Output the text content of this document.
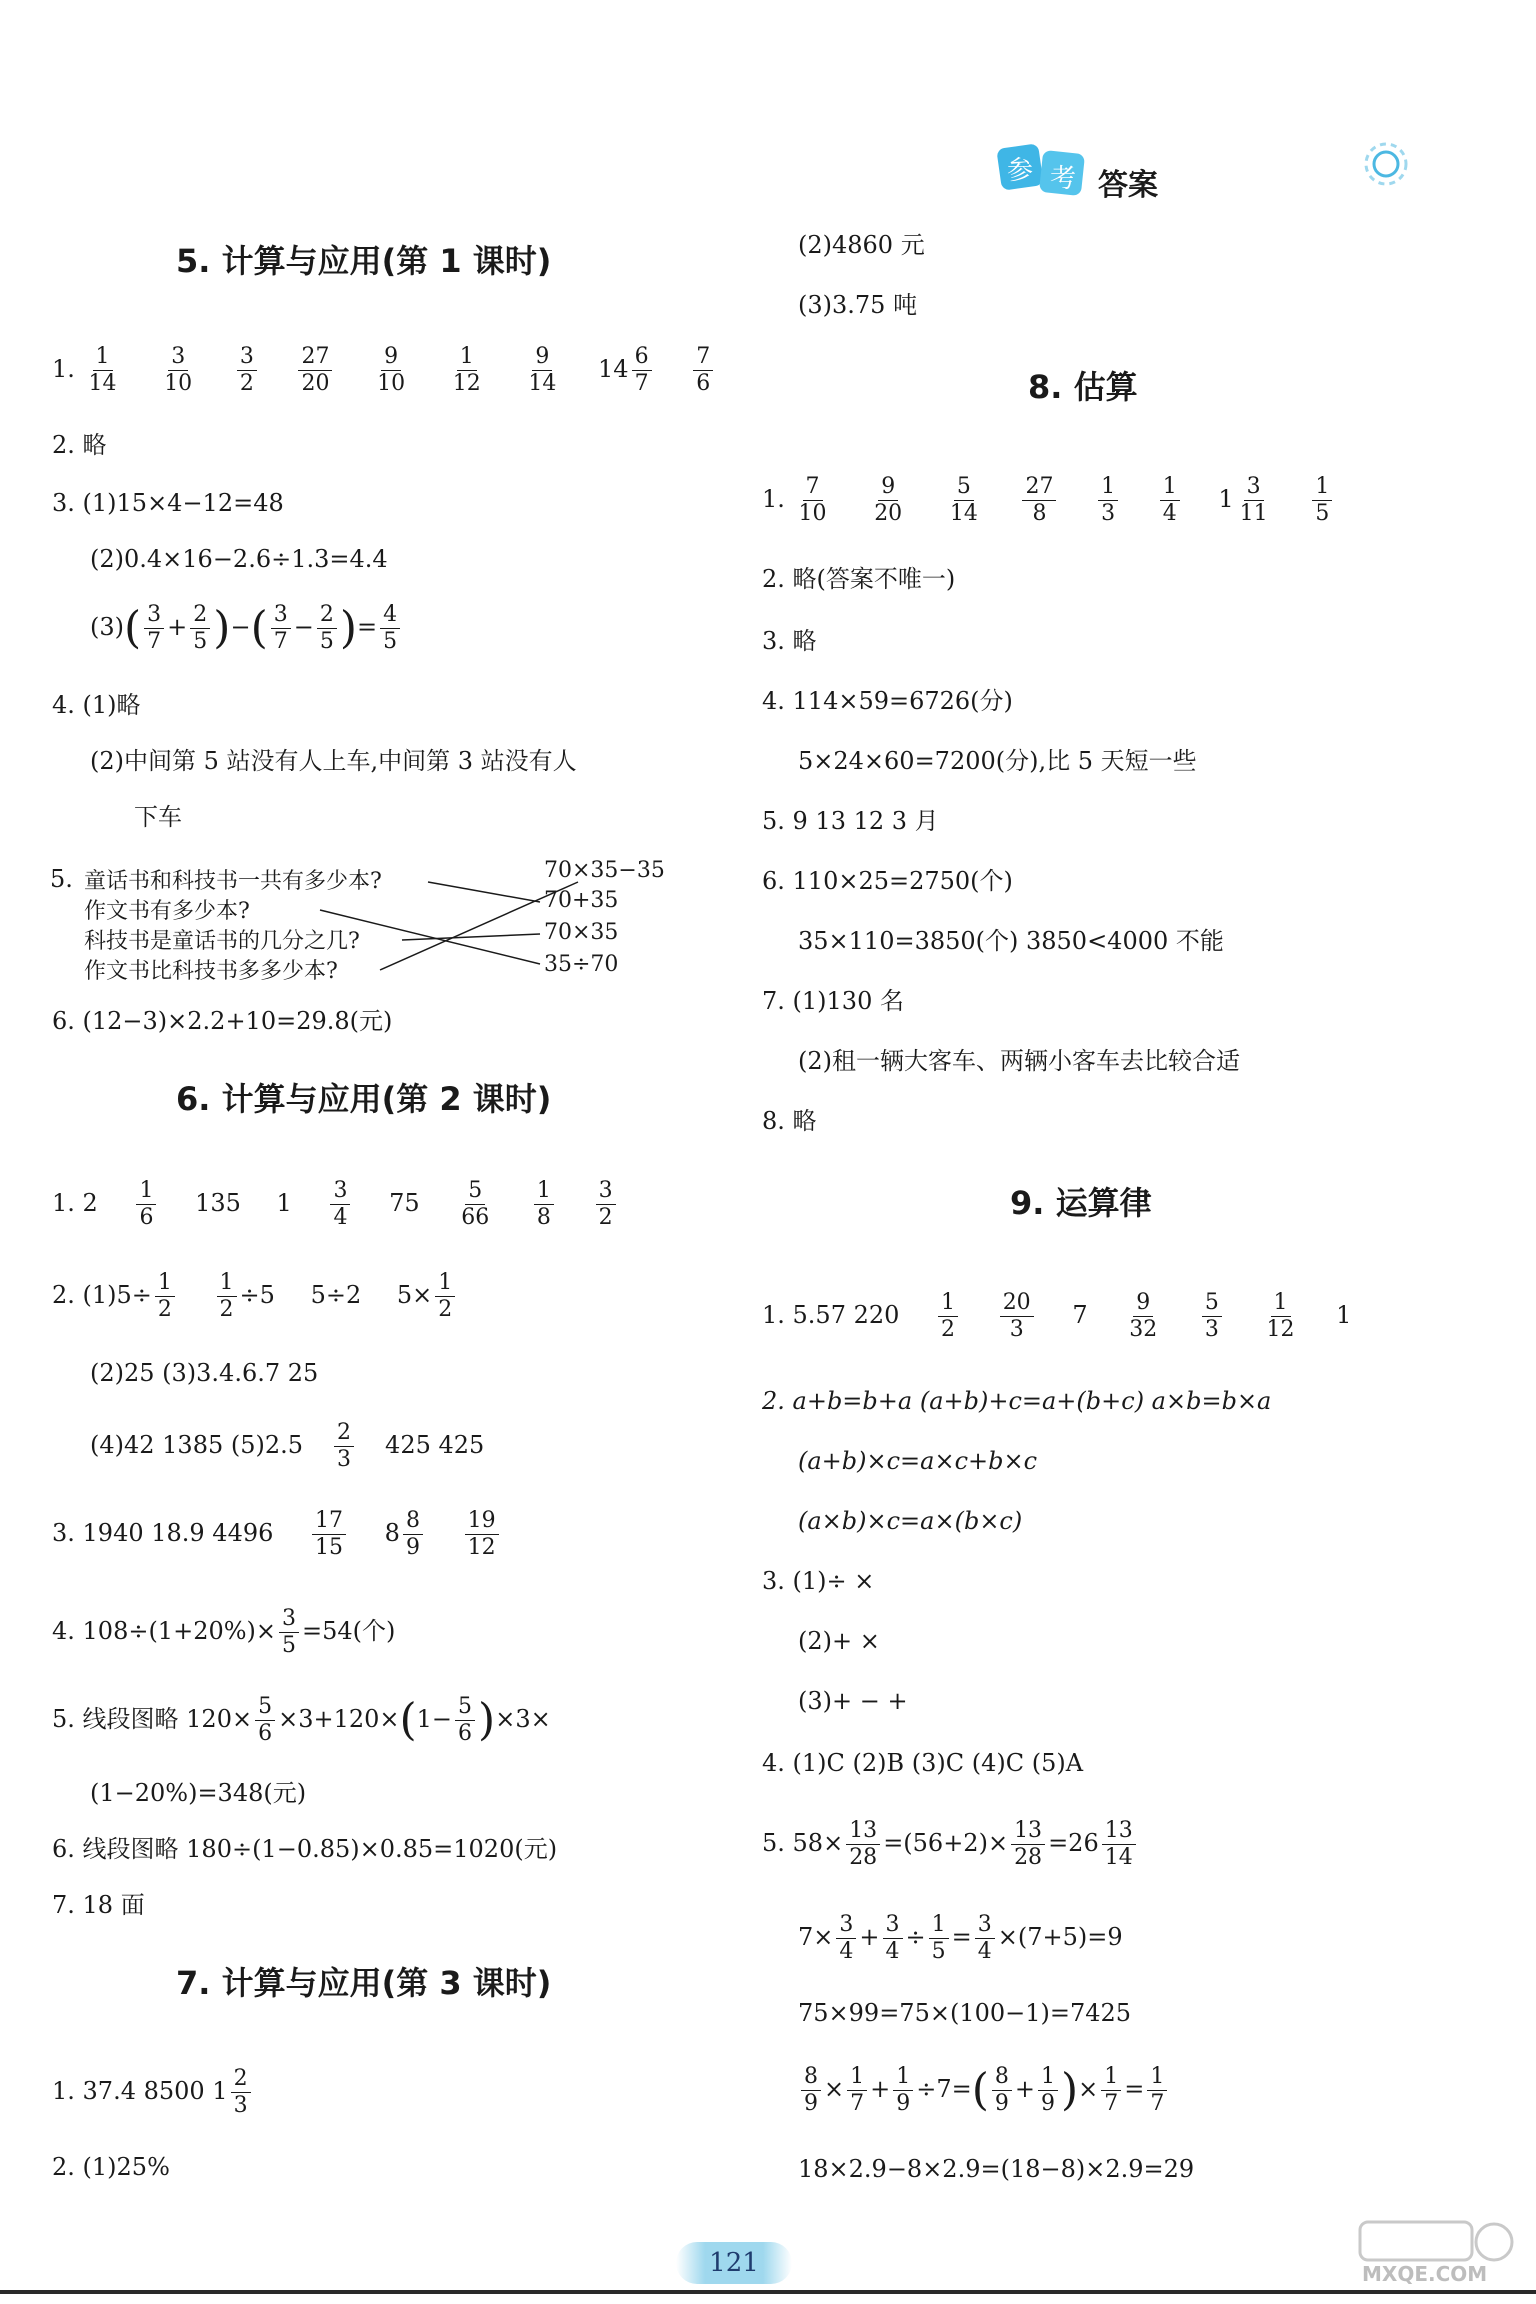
参 考 答案
5. 计算与应用(第 1 课时)
1. $\frac{1}{14}$
$\frac{3}{10}$
$\frac{3}{2}$
$\frac{27}{20}$
$\frac{9}{10}$
$\frac{1}{12}$
$\frac{9}{14} 14 \frac{6}{7}$
$\frac{7}{6}$
2. 略
3. (1)15×4−12=48
(2)0.4×16−2.6÷1.3=4.4
$(3)( \frac{3}{7} + \frac{2}{5}$ )−( $\frac{3}{7} - \frac{2}{5}$ )= $\frac{4}{5}$
4. (1)略
(2)中间第 5 站没有人上车,中间第 3 站没有人
下车
5. 童话书和科技书一共有多少本?
作文书有多少本?
科技书是童话书的几分之几?
作文书比科技书多多少本?
70×35−35
70+35
70×35
35÷70
6. (12−3)×2.2+10=29.8(元)
6. 计算与应用(第 2 课时)
1. $2 \frac{1}{6} 135$ $1 \frac{3}{4} 75 \frac{5}{66}$
$\frac{1}{8}$
$\frac{3}{2}$
2. $(1)5\div \frac{1}{2}$
$\frac{1}{2} \div 5$ 5÷2 $5\times \frac{1}{2}$
(2)25 (3)3.4.6.7 25
(4)42 1385 $(5)2.5 \frac{2}{3} 425$ 425
3. 1940 18.9 $4496 \frac{17}{15} 8 \frac{8}{9}$
$\frac{19}{12}$
4. $108\div(1+20\%)\times \frac{3}{5} =54$(个)
5. 线段图略 $120\times \frac{5}{6} \times 3+120\times(1- \frac{5}{6} )\times 3\times$
(1−20%)=348(元)
6. 线段图略 180÷(1−0.85)×0.85=1020(元)
7. 18 面
7. 计算与应用(第 3 课时)
1. 37.4 8500 $1 \frac{2}{3}$
2. (1)25%
(2)4860 元
(3)3.75 吨
8. 估算
1. $\frac{7}{10}$
$\frac{9}{20}$
$\frac{5}{14}$
$\frac{27}{8}$
$\frac{1}{3}$
$\frac{1}{4} 1 \frac{3}{11}$
$\frac{1}{5}$
2. 略(答案不唯一)
3. 略
4. 114×59=6726(分)
5×24×60=7200(分),比 5 天短一些
5. 9 13 12 3 月
6. 110×25=2750(个)
35×110=3850(个) 3850<4000 不能
7. (1)130 名
(2)租一辆大客车、两辆小客车去比较合适
8. 略
9. 运算律
1. 5.57 $220 \frac{1}{2}$
$\frac{20}{3} 7 \frac{9}{32}$
$\frac{5}{3}$
$\frac{1}{12} 1$
2. a+b=b+a (a+b)+c=a+(b+c) a×b=b×a
(a+b)×c=a×c+b×c
(a×b)×c=a×(b×c)
3. (1)÷ ×
(2)+ ×
(3)+ − +
4. (1)C (2)B (3)C (4)C (5)A
5. $58\times \frac{13}{28} =(56+2)\times \frac{13}{28} =26 \frac{13}{14}$
$7\times \frac{3}{4} + \frac{3}{4} \div \frac{1}{5} = \frac{3}{4} \times(7+5)=9$
75×99=75×(100−1)=7425
$\frac{8}{9} \times \frac{1}{7} + \frac{1}{9} \div 7=( \frac{8}{9} + \frac{1}{9}$ )× $\frac{1}{7} = \frac{1}{7}$
18×2.9−8×2.9=(18−8)×2.9=29
121	MXQE.COM
